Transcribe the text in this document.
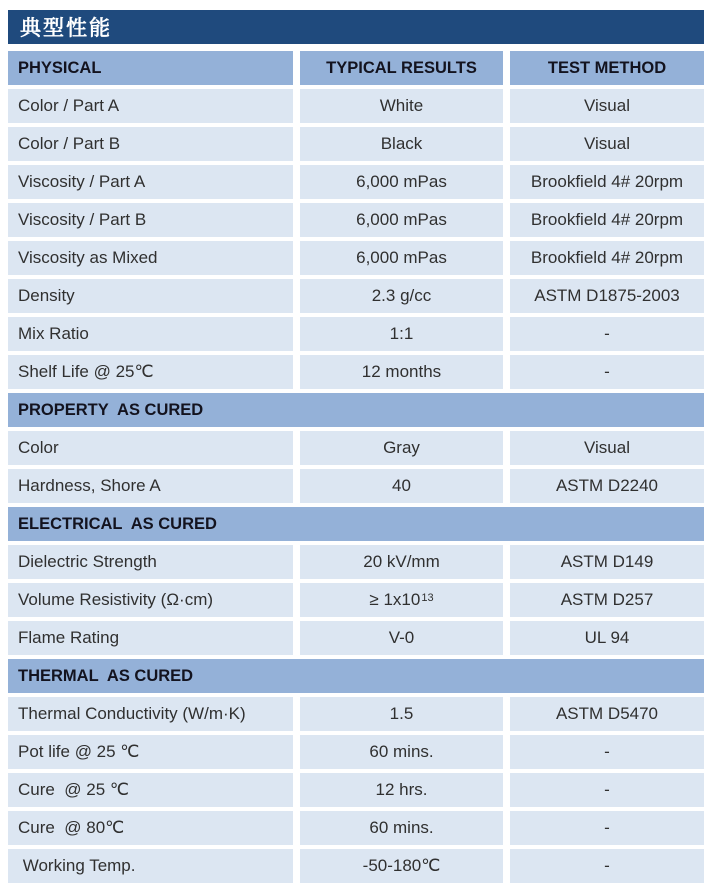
典型性能
PHYSICAL	TYPICAL RESULTS	TEST METHOD
Color / Part A	White	Visual
Color / Part B	Black	Visual
Viscosity / Part A	6,000 mPas	Brookfield 4# 20rpm
Viscosity / Part B	6,000 mPas	Brookfield 4# 20rpm
Viscosity as Mixed	6,000 mPas	Brookfield 4# 20rpm
Density	2.3 g/cc	ASTM D1875-2003
Mix Ratio	1:1	-
Shelf Life @ 25℃	12 months	-
PROPERTY  AS CURED
Color	Gray	Visual
Hardness, Shore A	40	ASTM D2240
ELECTRICAL  AS CURED
Dielectric Strength	20 kV/mm	ASTM D149
Volume Resistivity (Ω·cm)	≥ 1x10 13	ASTM D257
Flame Rating	V-0	UL 94
THERMAL  AS CURED
Thermal Conductivity (W/m·K)	1.5	ASTM D5470
Pot life @ 25 ℃	60 mins.	-
Cure  @ 25 ℃	12 hrs.	-
Cure  @ 80℃	60 mins.	-
Working Temp.	-50-180℃	-
